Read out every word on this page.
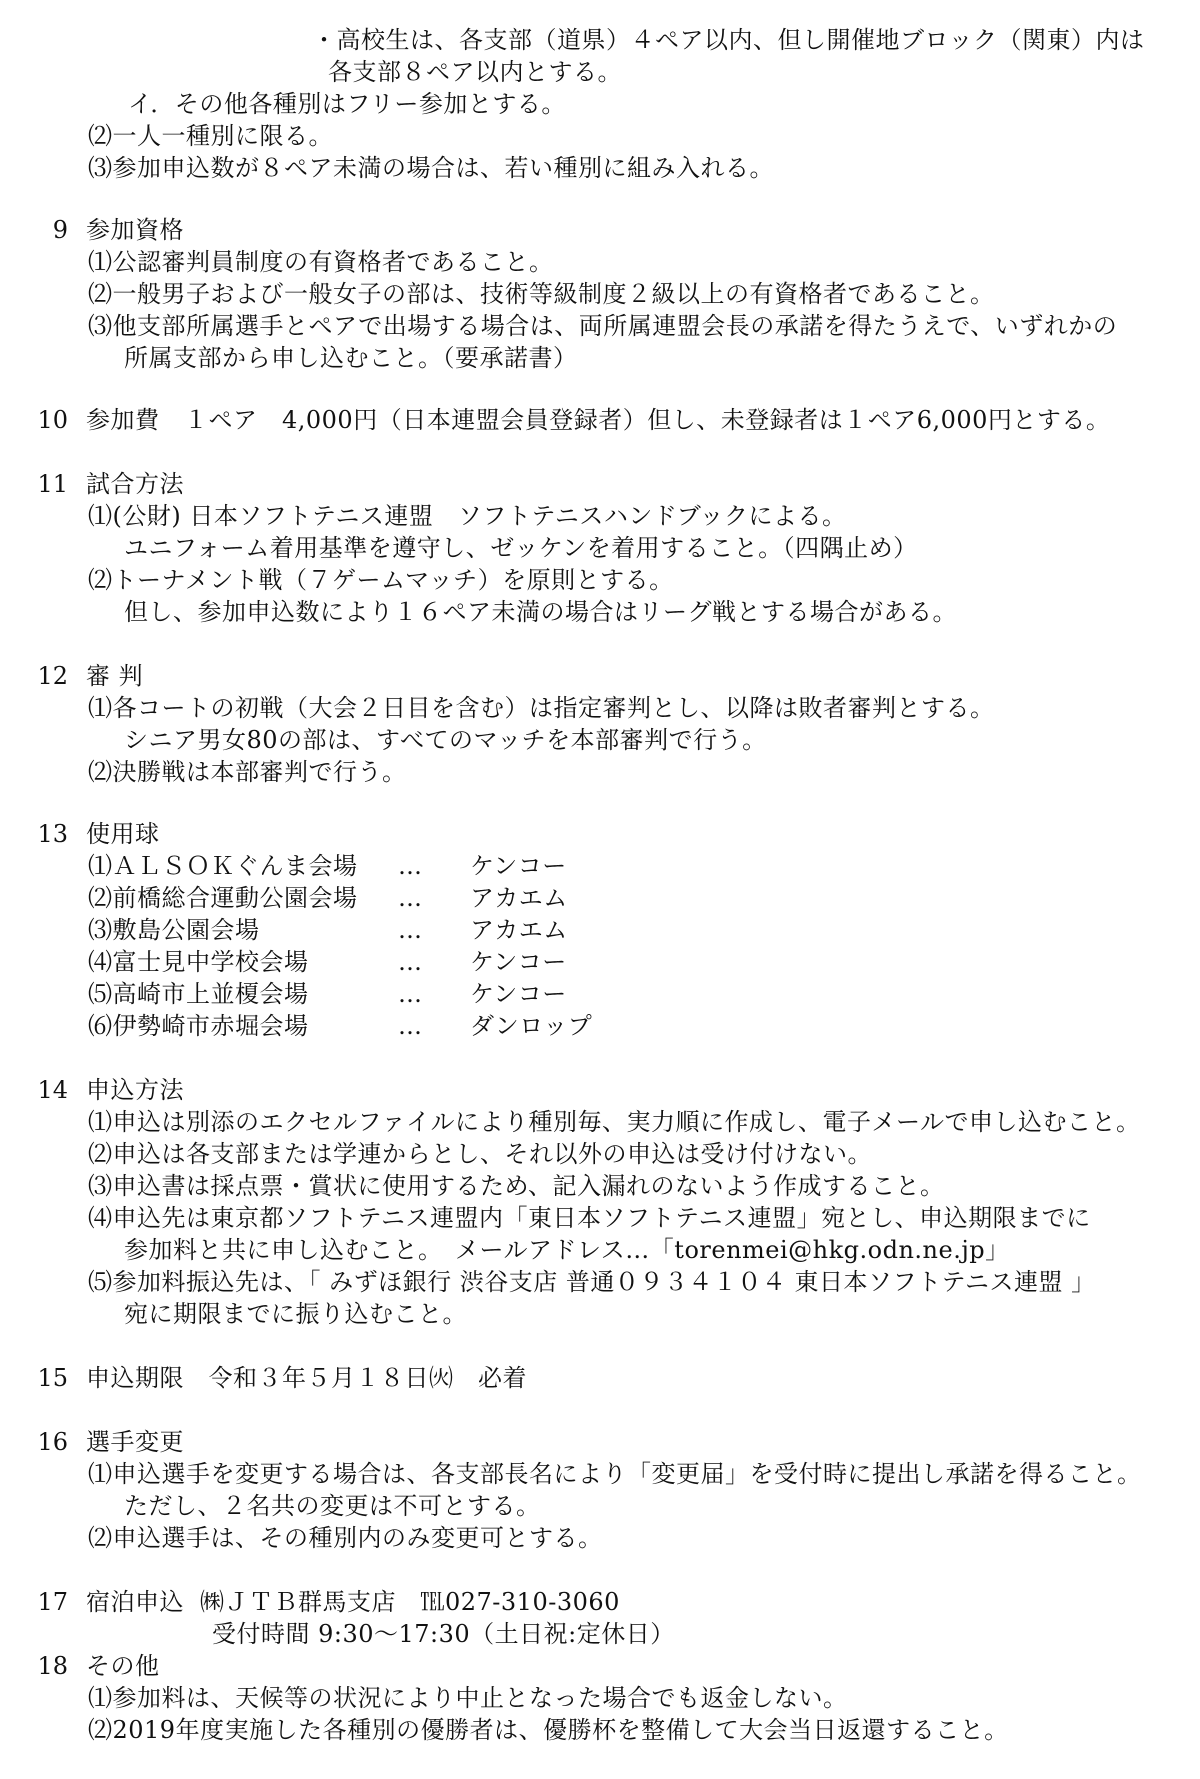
・高校生は、各支部（道県）４ペア以内、但し開催地ブロック（関東）内は
各支部８ペア以内とする。
イ．その他各種別はフリー参加とする。
⑵一人一種別に限る。
⑶参加申込数が８ペア未満の場合は、若い種別に組み入れる。
9 参加資格
⑴公認審判員制度の有資格者であること。
⑵一般男子および一般女子の部は、技術等級制度２級以上の有資格者であること。
⑶他支部所属選手とペアで出場する場合は、両所属連盟会長の承諾を得たうえで、いずれかの
所属支部から申し込むこと。（要承諾書）
10 参加費　１ペア　4,000円（日本連盟会員登録者）但し、未登録者は１ペア6,000円とする。
11 試合方法
⑴(公財) 日本ソフトテニス連盟　ソフトテニスハンドブックによる。
ユニフォーム着用基準を遵守し、ゼッケンを着用すること。（四隅止め）
⑵トーナメント戦（７ゲームマッチ）を原則とする。
但し、参加申込数により１６ペア未満の場合はリーグ戦とする場合がある。
12 審 判
⑴各コートの初戦（大会２日目を含む）は指定審判とし、以降は敗者審判とする。
シニア男女80の部は、すべてのマッチを本部審判で行う。
⑵決勝戦は本部審判で行う。
13 使用球
⑴ＡＬＳＯＫぐんま会場 … ケンコー
⑵前橋総合運動公園会場 … アカエム
⑶敷島公園会場	… アカエム
⑷富士見中学校会場	… ケンコー
⑸高崎市上並榎会場	… ケンコー
⑹伊勢崎市赤堀会場	… ダンロップ
14 申込方法
⑴申込は別添のエクセルファイルにより種別毎、実力順に作成し、電子メールで申し込むこと。
⑵申込は各支部または学連からとし、それ以外の申込は受け付けない。
⑶申込書は採点票・賞状に使用するため、記入漏れのないよう作成すること。
⑷申込先は東京都ソフトテニス連盟内「東日本ソフトテニス連盟」宛とし、申込期限までに
参加料と共に申し込むこと。　メールアドレス…「torenmei@hkg.odn.ne.jp」
⑸参加料振込先は、「 みずほ銀行 渋谷支店 普通０９３４１０４ 東日本ソフトテニス連盟 」
宛に期限までに振り込むこと。
15 申込期限　令和３年５月１８日㈫　必着
16 選手変更
⑴申込選手を変更する場合は、各支部長名により「変更届」を受付時に提出し承諾を得ること。
ただし、２名共の変更は不可とする。
⑵申込選手は、その種別内のみ変更可とする。
17 宿泊申込 ㈱ＪＴＢ群馬支店　℡027-310-3060
受付時間 9:30～17:30（土日祝:定休日）
18 その他
⑴参加料は、天候等の状況により中止となった場合でも返金しない。
⑵2019年度実施した各種別の優勝者は、優勝杯を整備して大会当日返還すること。
